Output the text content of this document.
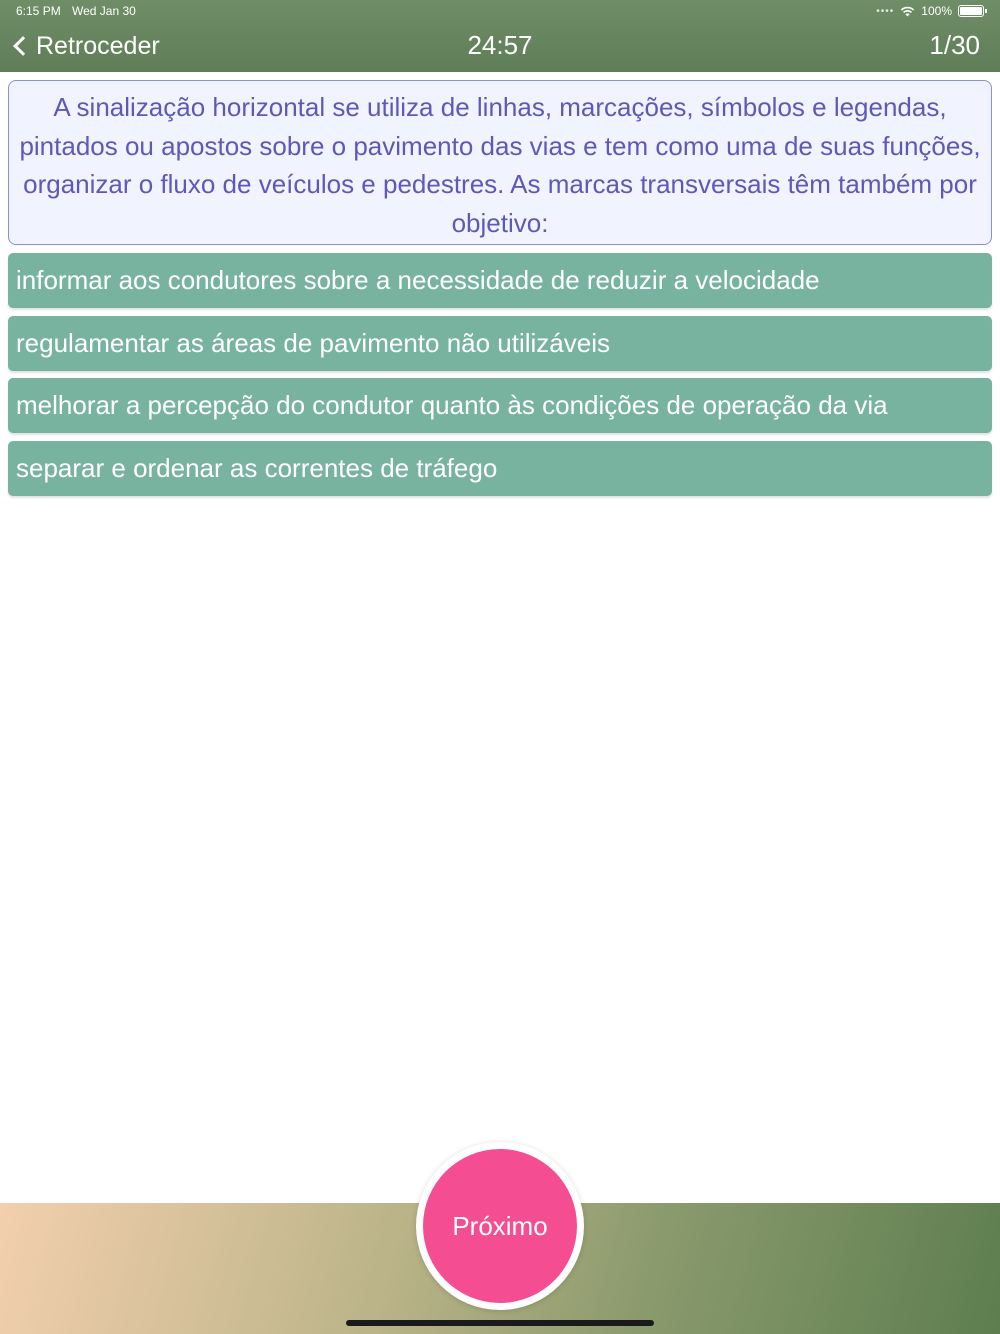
6:15 PM Wed Jan 30	•••• 100%
Retroceder	24:57	1/30
A sinalização horizontal se utiliza de linhas, marcações, símbolos e legendas, pintados ou apostos sobre o pavimento das vias e tem como uma de suas funções, organizar o fluxo de veículos e pedestres. As marcas transversais têm também por objetivo:
informar aos condutores sobre a necessidade de reduzir a velocidade
regulamentar as áreas de pavimento não utilizáveis
melhorar a percepção do condutor quanto às condições de operação da via
separar e ordenar as correntes de tráfego
Próximo
